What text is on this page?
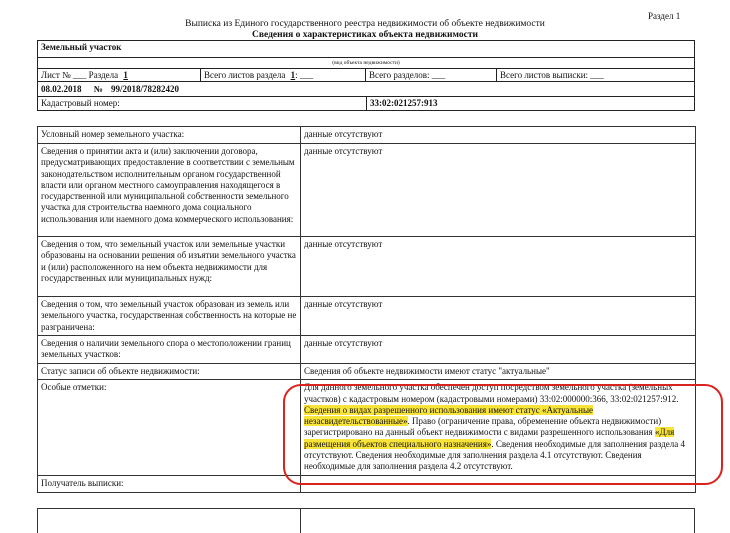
Раздел 1
Выписка из Единого государственного реестра недвижимости об объекте недвижимости
Сведения о характеристиках объекта недвижимости
Земельный участок
(вид объекта недвижимости)
Лист № ___ Раздела 1	Всего листов раздела 1: ___	Всего разделов: ___	Всего листов выписки: ___
08.02.2018 № 99/2018/78282420
Кадастровый номер:	33:02:021257:913
Условный номер земельного участка:	данные отсутствуют
Сведения о принятии акта и (или) заключении договора, предусматривающих предоставление в соответствии с земельным законодательством исполнительным органом государственной власти или органом местного самоуправления находящегося в государственной или муниципальной собственности земельного участка для строительства наемного дома социального использования или наемного дома коммерческого использования:	данные отсутствуют
Сведения о том, что земельный участок или земельные участки образованы на основании решения об изъятии земельного участка и (или) расположенного на нем объекта недвижимости для государственных или муниципальных нужд:	данные отсутствуют
Сведения о том, что земельный участок образован из земель или земельного участка, государственная собственность на которые не разграничена:	данные отсутствуют
Сведения о наличии земельного спора о местоположении границ земельных участков:	данные отсутствуют
Статус записи об объекте недвижимости:	Сведения об объекте недвижимости имеют статус "актуальные"
Особые отметки:	Для данного земельного участка обеспечен доступ посредством земельного участка (земельных участков) с кадастровым номером (кадастровыми номерами) 33:02:000000:366, 33:02:021257:912. Сведения о видах разрешенного использования имеют статус «Актуальные незасвидетельствованные». Право (ограничение права, обременение объекта недвижимости) зарегистрировано на данный объект недвижимости с видами разрешенного использования «Для размещения объектов специального назначения». Сведения необходимые для заполнения раздела 4 отсутствуют. Сведения необходимые для заполнения раздела 4.1 отсутствуют. Сведения необходимые для заполнения раздела 4.2 отсутствуют.
Получатель выписки:	
